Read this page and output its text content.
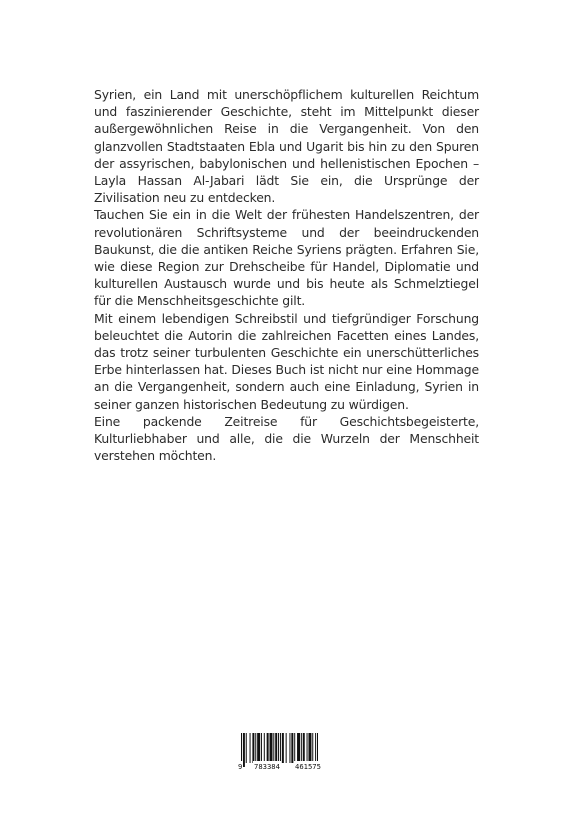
Syrien, ein Land mit unerschöpflichem kulturellen Reichtum und faszinierender Geschichte, steht im Mittelpunkt dieser außergewöhnlichen Reise in die Vergangenheit. Von den glanzvollen Stadtstaaten Ebla und Ugarit bis hin zu den Spuren der assyrischen, babylonischen und hellenistischen Epochen – Layla Hassan Al-Jabari lädt Sie ein, die Ursprünge der Zivilisation neu zu entdecken.

Tauchen Sie ein in die Welt der frühesten Handelszentren, der revolutionären Schriftsysteme und der beeindruckenden Baukunst, die die antiken Reiche Syriens prägten. Erfahren Sie, wie diese Region zur Drehscheibe für Handel, Diplomatie und kulturellen Austausch wurde und bis heute als Schmelztiegel für die Menschheitsgeschichte gilt.

Mit einem lebendigen Schreibstil und tiefgründiger Forschung beleuchtet die Autorin die zahlreichen Facetten eines Landes, das trotz seiner turbulenten Geschichte ein unerschütterliches Erbe hinterlassen hat. Dieses Buch ist nicht nur eine Hommage an die Vergangenheit, sondern auch eine Einladung, Syrien in seiner ganzen historischen Bedeutung zu würdigen.

Eine packende Zeitreise für Geschichtsbegeisterte, Kulturliebhaber und alle, die die Wurzeln der Menschheit verstehen möchten.

9 783384 461575
